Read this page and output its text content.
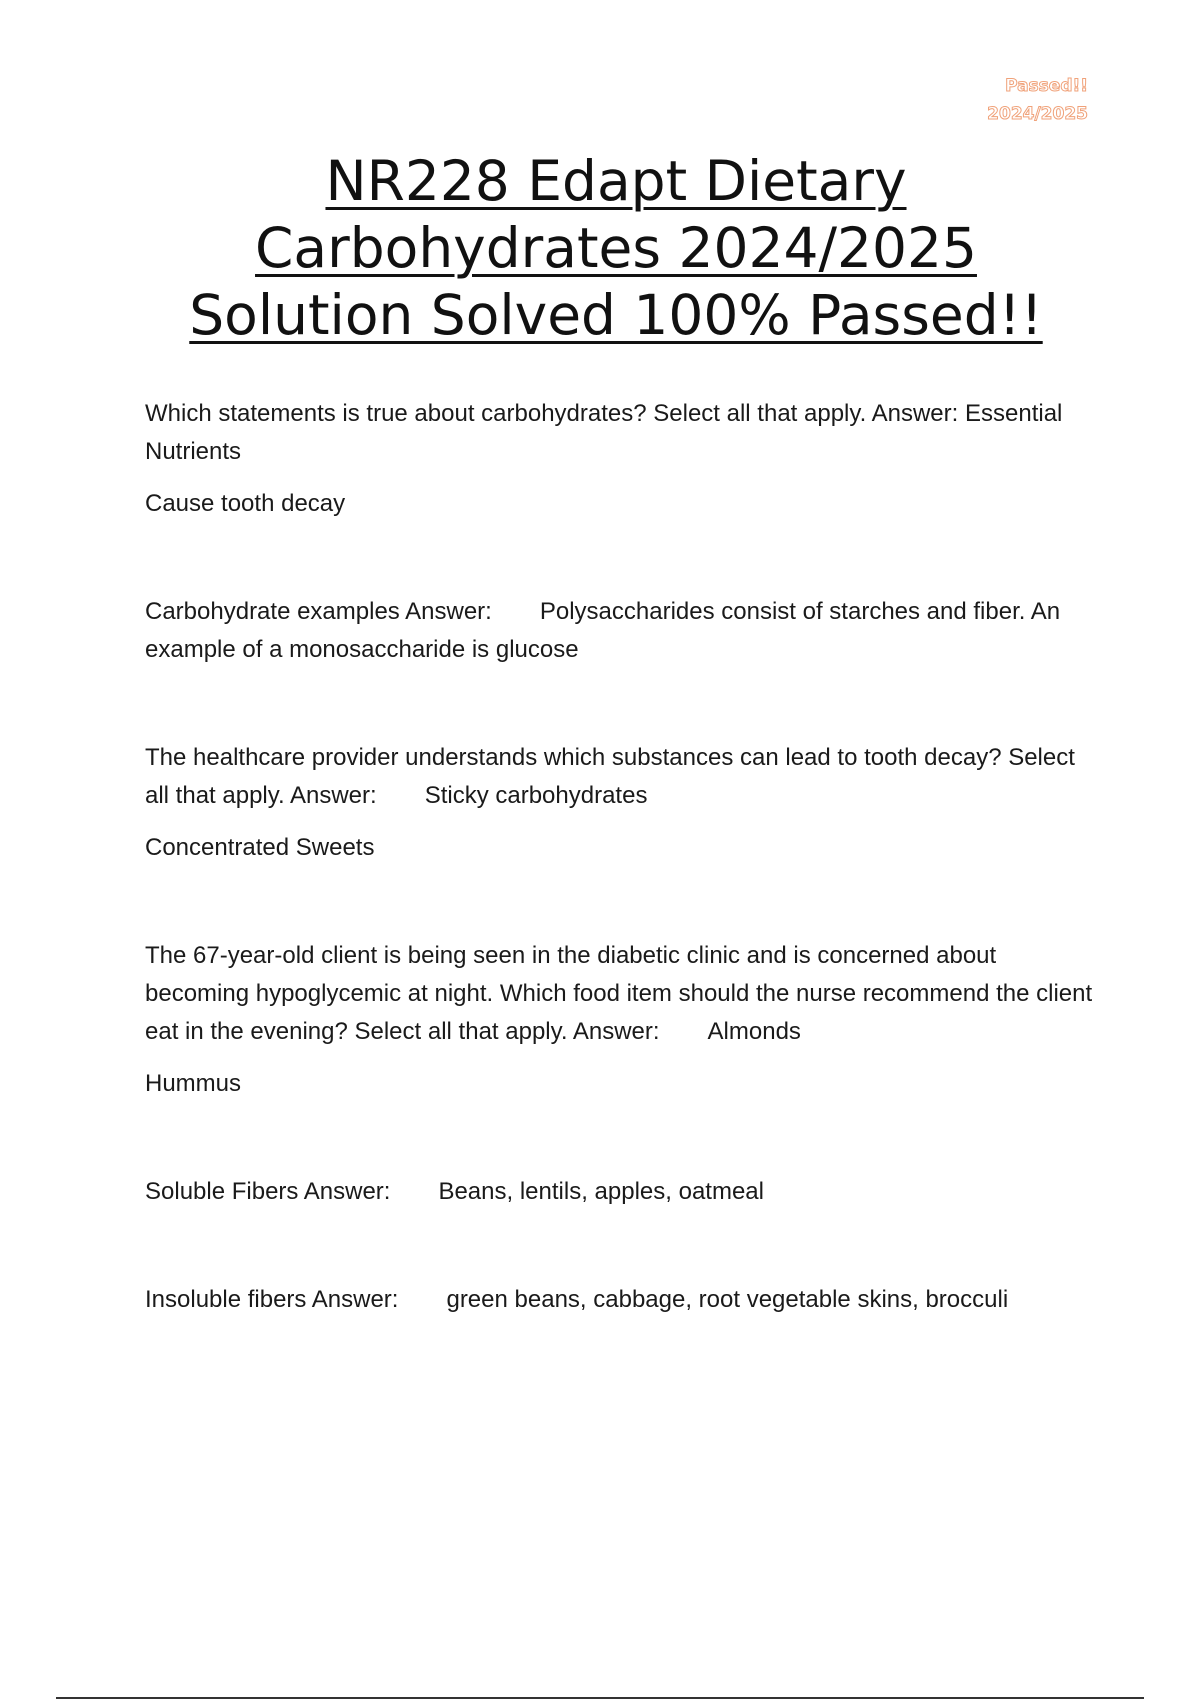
Passed!!
2024/2025
NR228 Edapt Dietary
Carbohydrates 2024/2025
Solution Solved 100% Passed!!

Which statements is true about carbohydrates? Select all that apply. Answer: Essential Nutrients

Cause tooth decay

Carbohydrate examples Answer: Polysaccharides consist of starches and fiber. An example of a monosaccharide is glucose

The healthcare provider understands which substances can lead to tooth decay? Select all that apply. Answer: Sticky carbohydrates

Concentrated Sweets

The 67-year-old client is being seen in the diabetic clinic and is concerned about becoming hypoglycemic at night. Which food item should the nurse recommend the client eat in the evening? Select all that apply. Answer: Almonds

Hummus

Soluble Fibers Answer: Beans, lentils, apples, oatmeal

Insoluble fibers Answer: green beans, cabbage, root vegetable skins, brocculi
